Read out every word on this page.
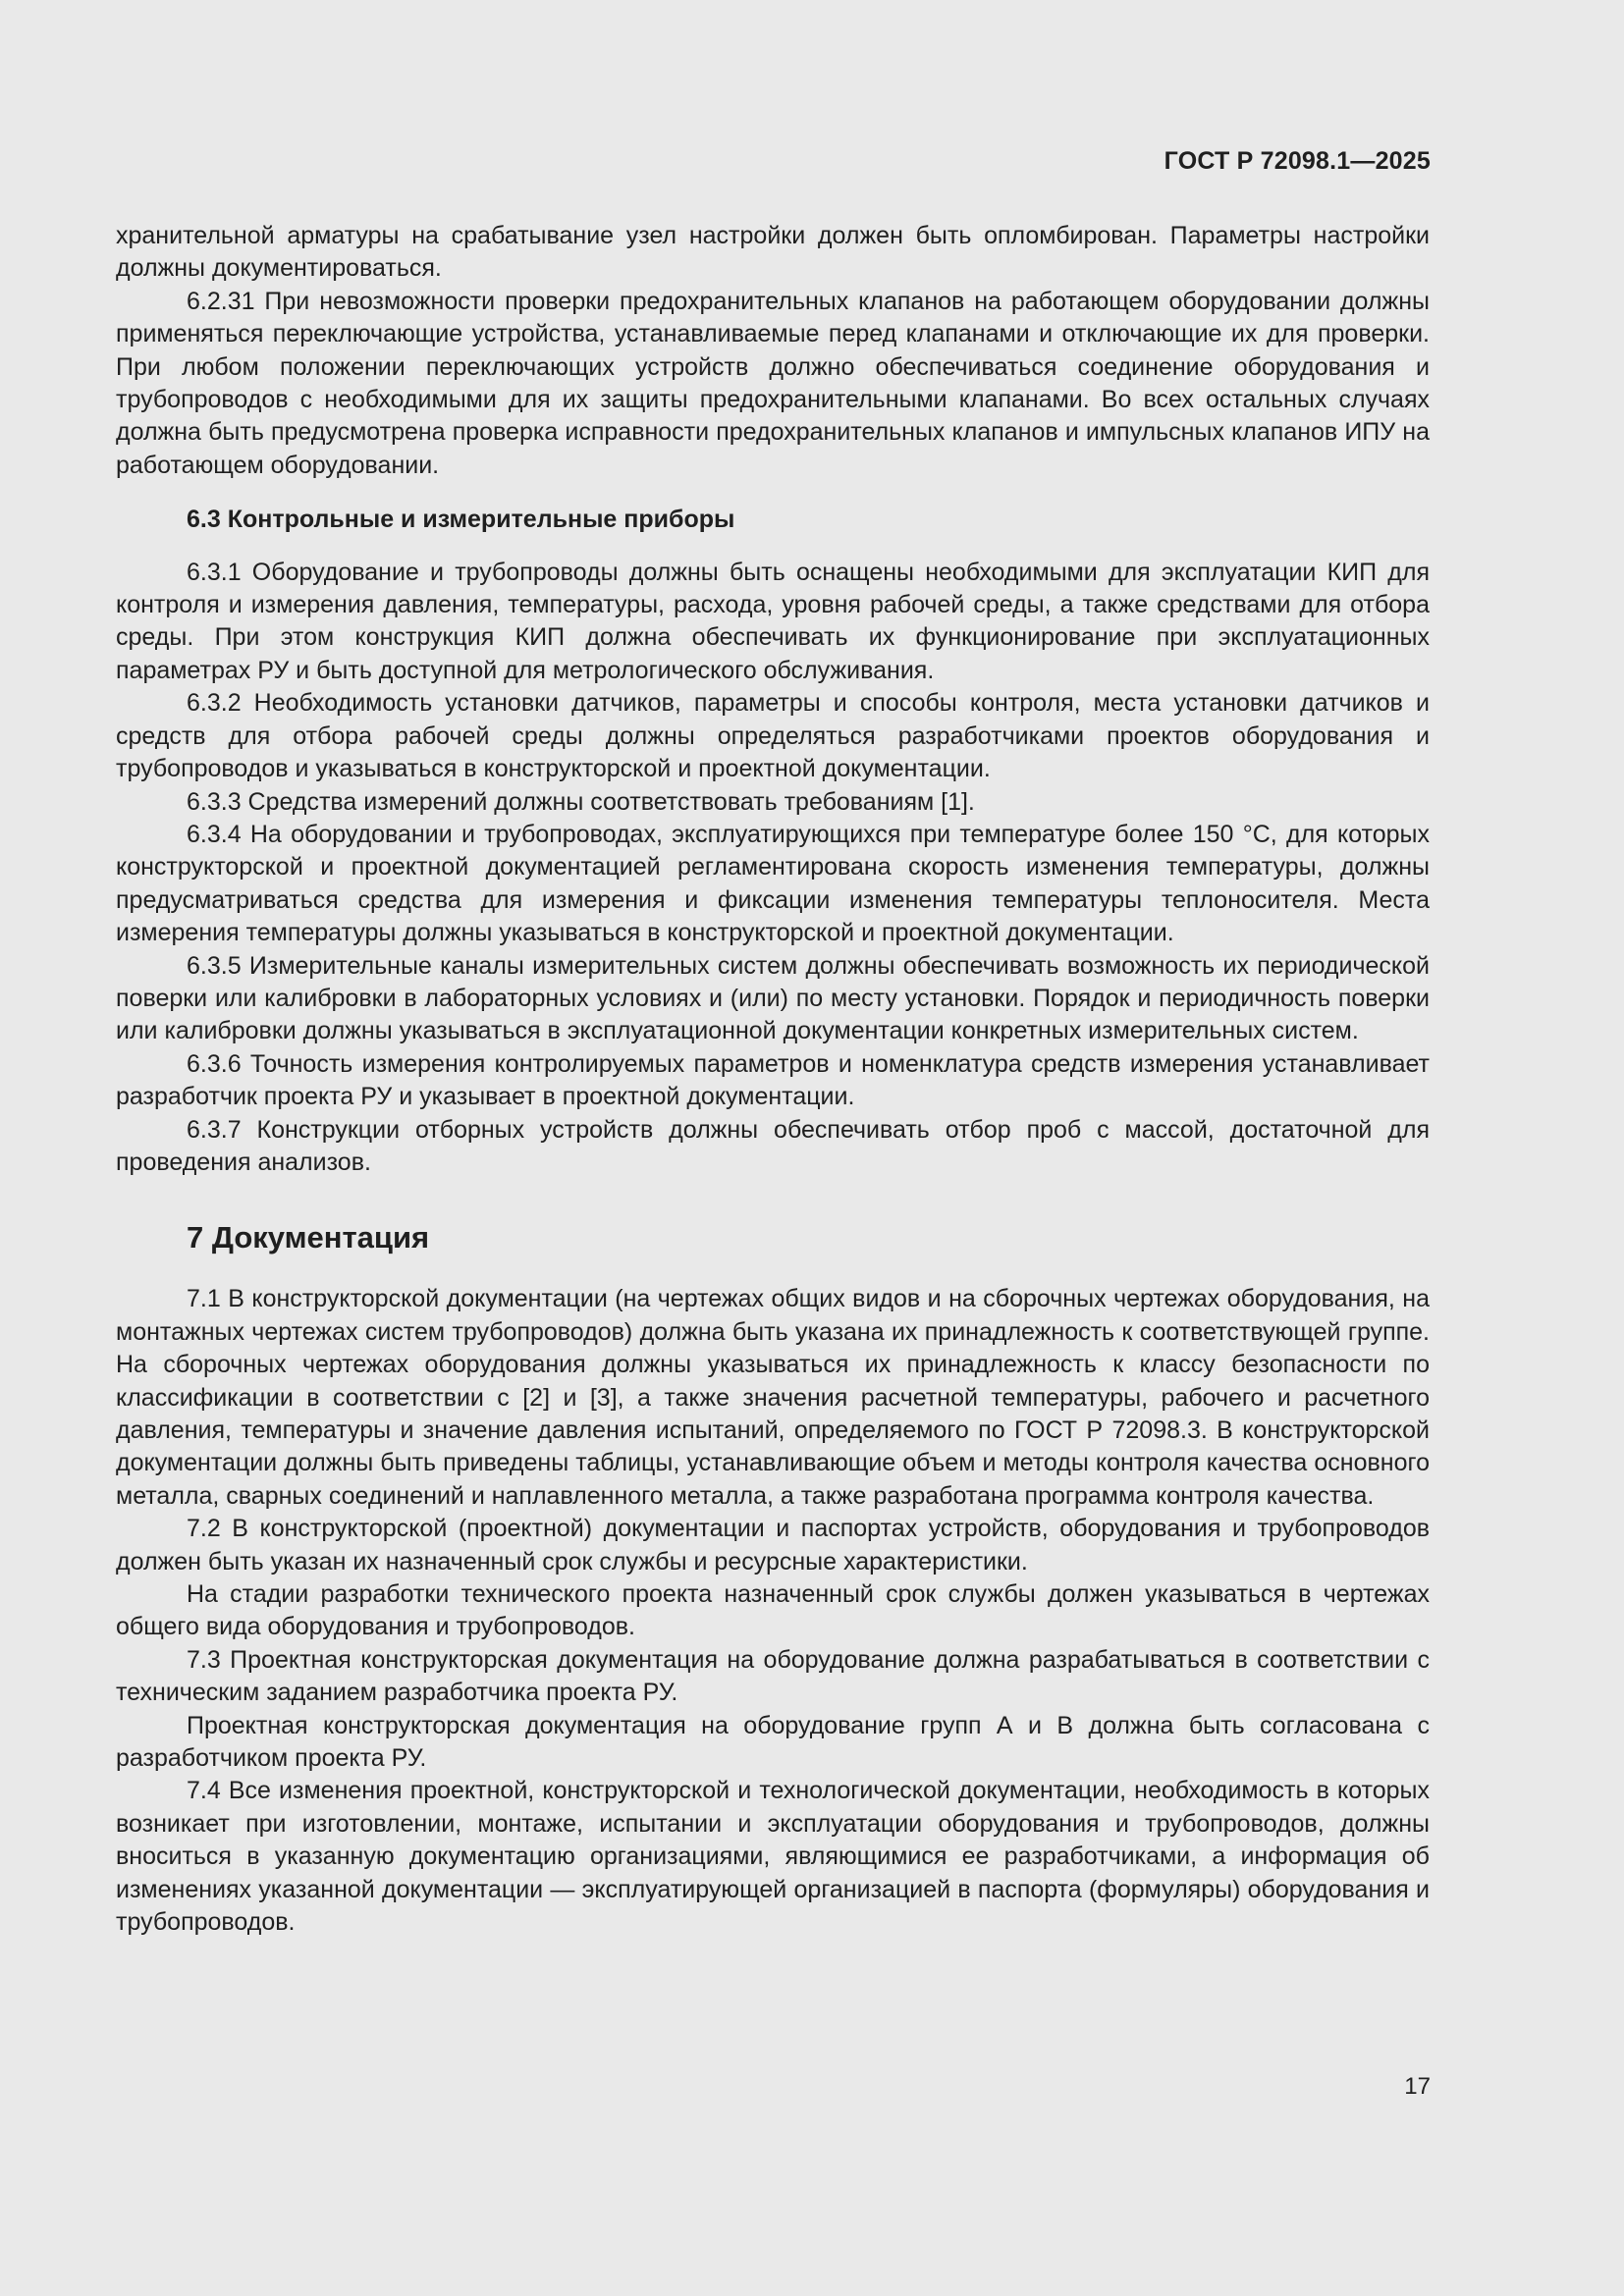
ГОСТ Р 72098.1—2025

хранительной арматуры на срабатывание узел настройки должен быть опломбирован. Параметры настройки должны документироваться.

6.2.31 При невозможности проверки предохранительных клапанов на работающем оборудовании должны применяться переключающие устройства, устанавливаемые перед клапанами и отключающие их для проверки. При любом положении переключающих устройств должно обеспечиваться соединение оборудования и трубопроводов с необходимыми для их защиты предохранительными клапанами. Во всех остальных случаях должна быть предусмотрена проверка исправности предохранительных клапанов и импульсных клапанов ИПУ на работающем оборудовании.

6.3 Контрольные и измерительные приборы

6.3.1 Оборудование и трубопроводы должны быть оснащены необходимыми для эксплуатации КИП для контроля и измерения давления, температуры, расхода, уровня рабочей среды, а также средствами для отбора среды. При этом конструкция КИП должна обеспечивать их функционирование при эксплуатационных параметрах РУ и быть доступной для метрологического обслуживания.

6.3.2 Необходимость установки датчиков, параметры и способы контроля, места установки датчиков и средств для отбора рабочей среды должны определяться разработчиками проектов оборудования и трубопроводов и указываться в конструкторской и проектной документации.

6.3.3 Средства измерений должны соответствовать требованиям [1].

6.3.4 На оборудовании и трубопроводах, эксплуатирующихся при температуре более 150 °С, для которых конструкторской и проектной документацией регламентирована скорость изменения температуры, должны предусматриваться средства для измерения и фиксации изменения температуры теплоносителя. Места измерения температуры должны указываться в конструкторской и проектной документации.

6.3.5 Измерительные каналы измерительных систем должны обеспечивать возможность их периодической поверки или калибровки в лабораторных условиях и (или) по месту установки. Порядок и периодичность поверки или калибровки должны указываться в эксплуатационной документации конкретных измерительных систем.

6.3.6 Точность измерения контролируемых параметров и номенклатура средств измерения устанавливает разработчик проекта РУ и указывает в проектной документации.

6.3.7 Конструкции отборных устройств должны обеспечивать отбор проб с массой, достаточной для проведения анализов.

7 Документация

7.1 В конструкторской документации (на чертежах общих видов и на сборочных чертежах оборудования, на монтажных чертежах систем трубопроводов) должна быть указана их принадлежность к соответствующей группе. На сборочных чертежах оборудования должны указываться их принадлежность к классу безопасности по классификации в соответствии с [2] и [3], а также значения расчетной температуры, рабочего и расчетного давления, температуры и значение давления испытаний, определяемого по ГОСТ Р 72098.3. В конструкторской документации должны быть приведены таблицы, устанавливающие объем и методы контроля качества основного металла, сварных соединений и наплавленного металла, а также разработана программа контроля качества.

7.2 В конструкторской (проектной) документации и паспортах устройств, оборудования и трубопроводов должен быть указан их назначенный срок службы и ресурсные характеристики.

На стадии разработки технического проекта назначенный срок службы должен указываться в чертежах общего вида оборудования и трубопроводов.

7.3 Проектная конструкторская документация на оборудование должна разрабатываться в соответствии с техническим заданием разработчика проекта РУ.

Проектная конструкторская документация на оборудование групп А и В должна быть согласована с разработчиком проекта РУ.

7.4 Все изменения проектной, конструкторской и технологической документации, необходимость в которых возникает при изготовлении, монтаже, испытании и эксплуатации оборудования и трубопроводов, должны вноситься в указанную документацию организациями, являющимися ее разработчиками, а информация об изменениях указанной документации — эксплуатирующей организацией в паспорта (формуляры) оборудования и трубопроводов.

17
